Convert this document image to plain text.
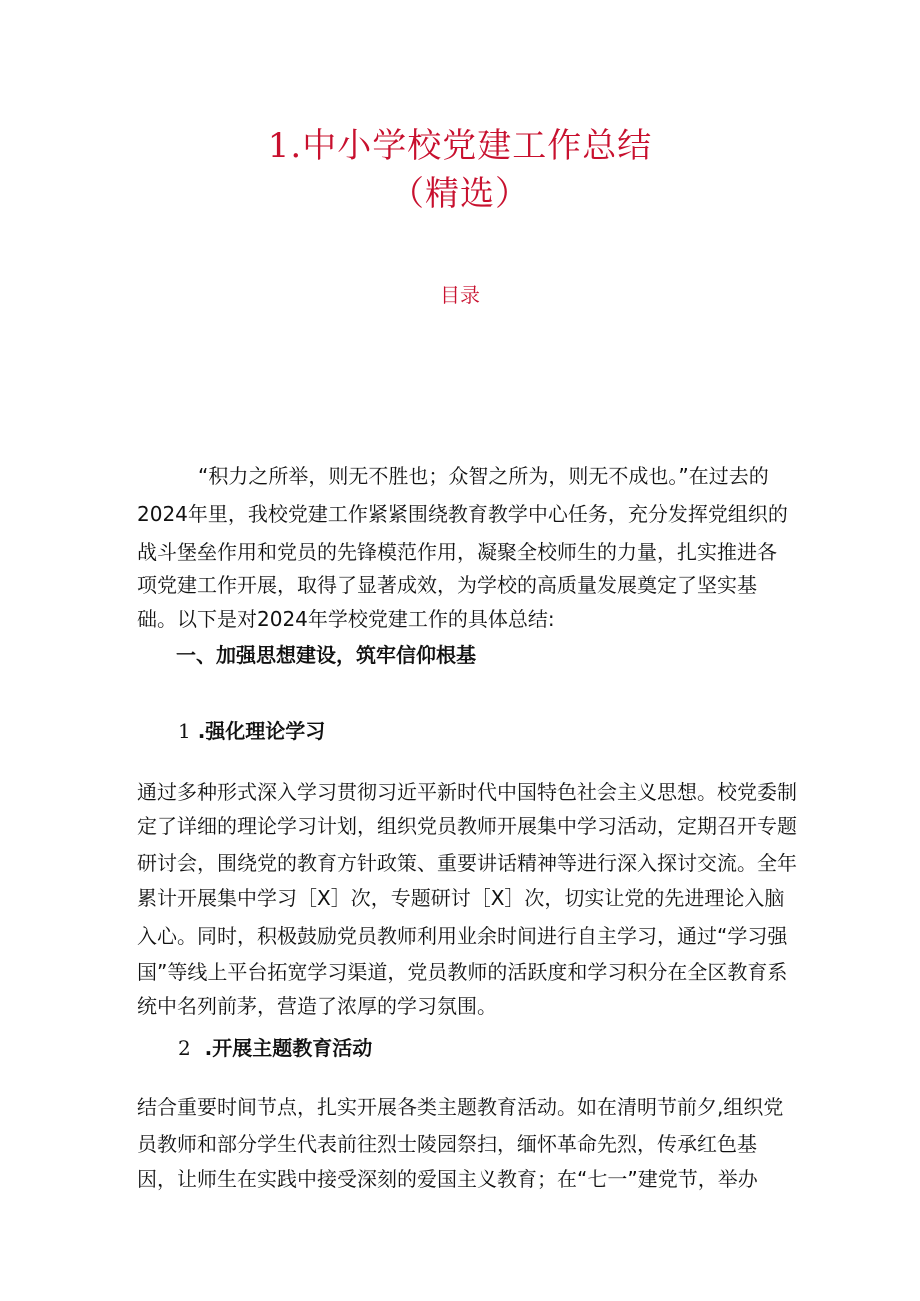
1.中小学校党建工作总结
（精选）
目录
“积力之所举，则无不胜也；众智之所为，则无不成也。”在过去的
2024年里，我校党建工作紧紧围绕教育教学中心任务，充分发挥党组织的
战斗堡垒作用和党员的先锋模范作用，凝聚全校师生的力量，扎实推进各
项党建工作开展，取得了显著成效，为学校的高质量发展奠定了坚实基
础。以下是对2024年学校党建工作的具体总结:
一、加强思想建设，筑牢信仰根基
1 .强化理论学习
通过多种形式深入学习贯彻习近平新时代中国特色社会主义思想。校党委制
定了详细的理论学习计划，组织党员教师开展集中学习活动，定期召开专题
研讨会，围绕党的教育方针政策、重要讲话精神等进行深入探讨交流。全年
累计开展集中学习［X］次，专题研讨［X］次，切实让党的先进理论入脑
入心。同时，积极鼓励党员教师利用业余时间进行自主学习，通过“学习强
国”等线上平台拓宽学习渠道，党员教师的活跃度和学习积分在全区教育系
统中名列前茅，营造了浓厚的学习氛围。
2 .开展主题教育活动
结合重要时间节点，扎实开展各类主题教育活动。如在清明节前夕,组织党
员教师和部分学生代表前往烈士陵园祭扫，缅怀革命先烈，传承红色基
因，让师生在实践中接受深刻的爱国主义教育；在“七一”建党节，举办
